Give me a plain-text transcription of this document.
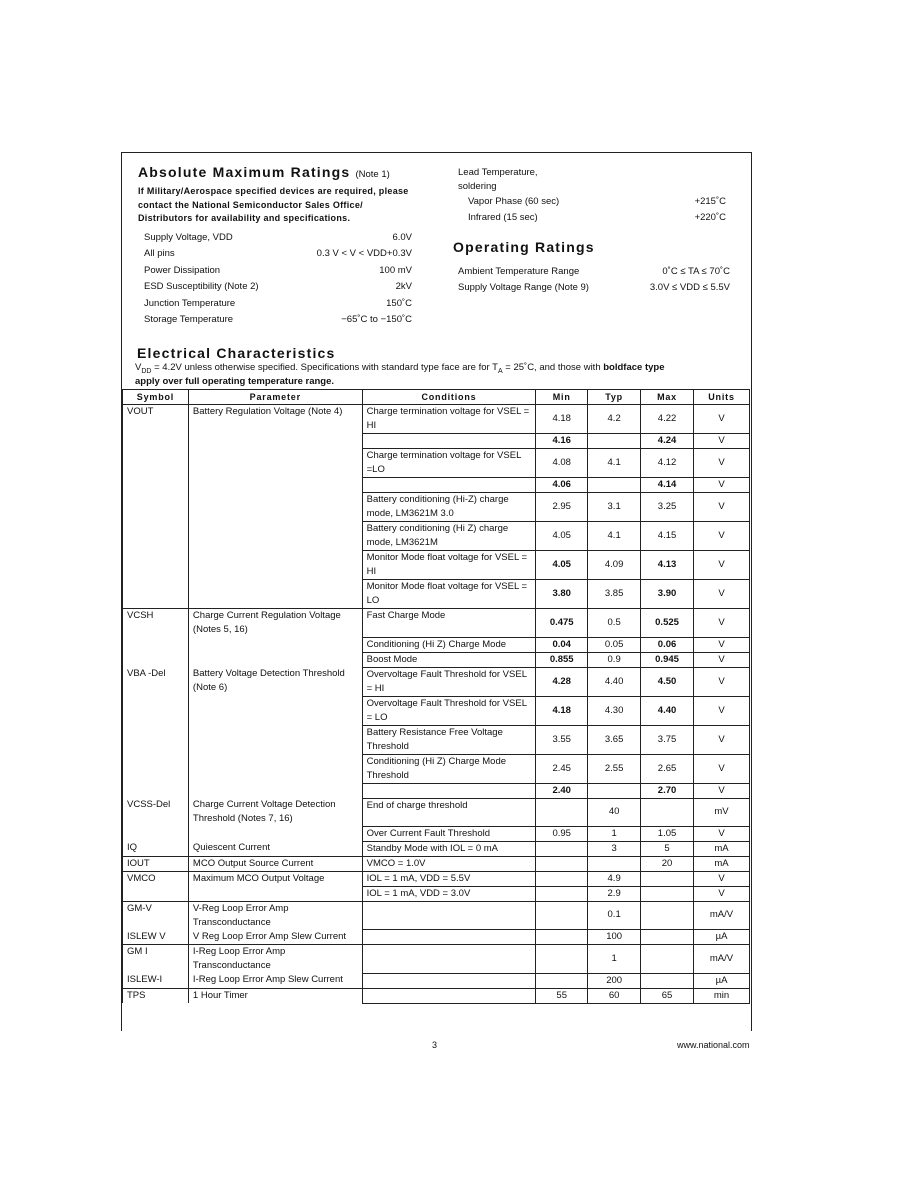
Absolute Maximum Ratings (Note 1)
If Military/Aerospace specified devices are required, please contact the National Semiconductor Sales Office/ Distributors for availability and specifications.
Supply Voltage, VDD	6.0V
All pins	0.3 V < V < VDD+0.3V
Power Dissipation	100 mV
ESD Susceptibility (Note 2)	2kV
Junction Temperature	150˚C
Storage Temperature	−65˚C to −150˚C
Lead Temperature,
soldering
Vapor Phase (60 sec)	+215˚C
Infrared (15 sec)	+220˚C
Operating Ratings
Ambient Temperature Range	0˚C ≤ TA ≤ 70˚C
Supply Voltage Range (Note 9)	3.0V ≤ VDD ≤ 5.5V
Electrical Characteristics
$V_{DD} = 4.2V$ unless otherwise specified. Specifications with standard type face are for $T_A$ = 25˚C, and those with boldface type
apply over full operating temperature range.
Symbol	Parameter	Conditions	Min	Typ	Max	Units
VOUT	Battery Regulation Voltage (Note 4)	Charge termination voltage for VSEL = HI	4.18	4.2	4.22	V
			4.16		4.24	V
		Charge termination voltage for VSEL =LO	4.08	4.1	4.12	V
			4.06		4.14	V
		Battery conditioning (Hi-Z) charge mode, LM3621M 3.0	2.95	3.1	3.25	V
		Battery conditioning (Hi Z) charge mode, LM3621M	4.05	4.1	4.15	V
		Monitor Mode float voltage for VSEL = HI	4.05	4.09	4.13	V
		Monitor Mode float voltage for VSEL = LO	3.80	3.85	3.90	V
VCSH	Charge Current Regulation Voltage (Notes 5, 16)	Fast Charge Mode	0.475	0.5	0.525	V
		Conditioning (Hi Z) Charge Mode	0.04	0.05	0.06	V
		Boost Mode	0.855	0.9	0.945	V
VBA -Del	Battery Voltage Detection Threshold (Note 6)	Overvoltage Fault Threshold for VSEL = HI	4.28	4.40	4.50	V
		Overvoltage Fault Threshold for VSEL = LO	4.18	4.30	4.40	V
		Battery Resistance Free Voltage Threshold	3.55	3.65	3.75	V
		Conditioning (Hi Z) Charge Mode Threshold	2.45	2.55	2.65	V
			2.40		2.70	V
VCSS-Del	Charge Current Voltage Detection Threshold (Notes 7, 16)	End of charge threshold		40		mV
		Over Current Fault Threshold	0.95	1	1.05	V
IQ	Quiescent Current	Standby Mode with IOL = 0 mA		3	5	mA
IOUT	MCO Output Source Current	VMCO = 1.0V			20	mA
VMCO	Maximum MCO Output Voltage	IOL = 1 mA, VDD = 5.5V		4.9		V
		IOL = 1 mA, VDD = 3.0V		2.9		V
GM-V	V-Reg Loop Error Amp Transconductance			0.1		mA/V
ISLEW V	V Reg Loop Error Amp Slew Current			100		µA
GM I	I-Reg Loop Error Amp Transconductance			1		mA/V
ISLEW-I	I-Reg Loop Error Amp Slew Current			200		µA
TPS	1 Hour Timer		55	60	65	min
3	www.national.com
